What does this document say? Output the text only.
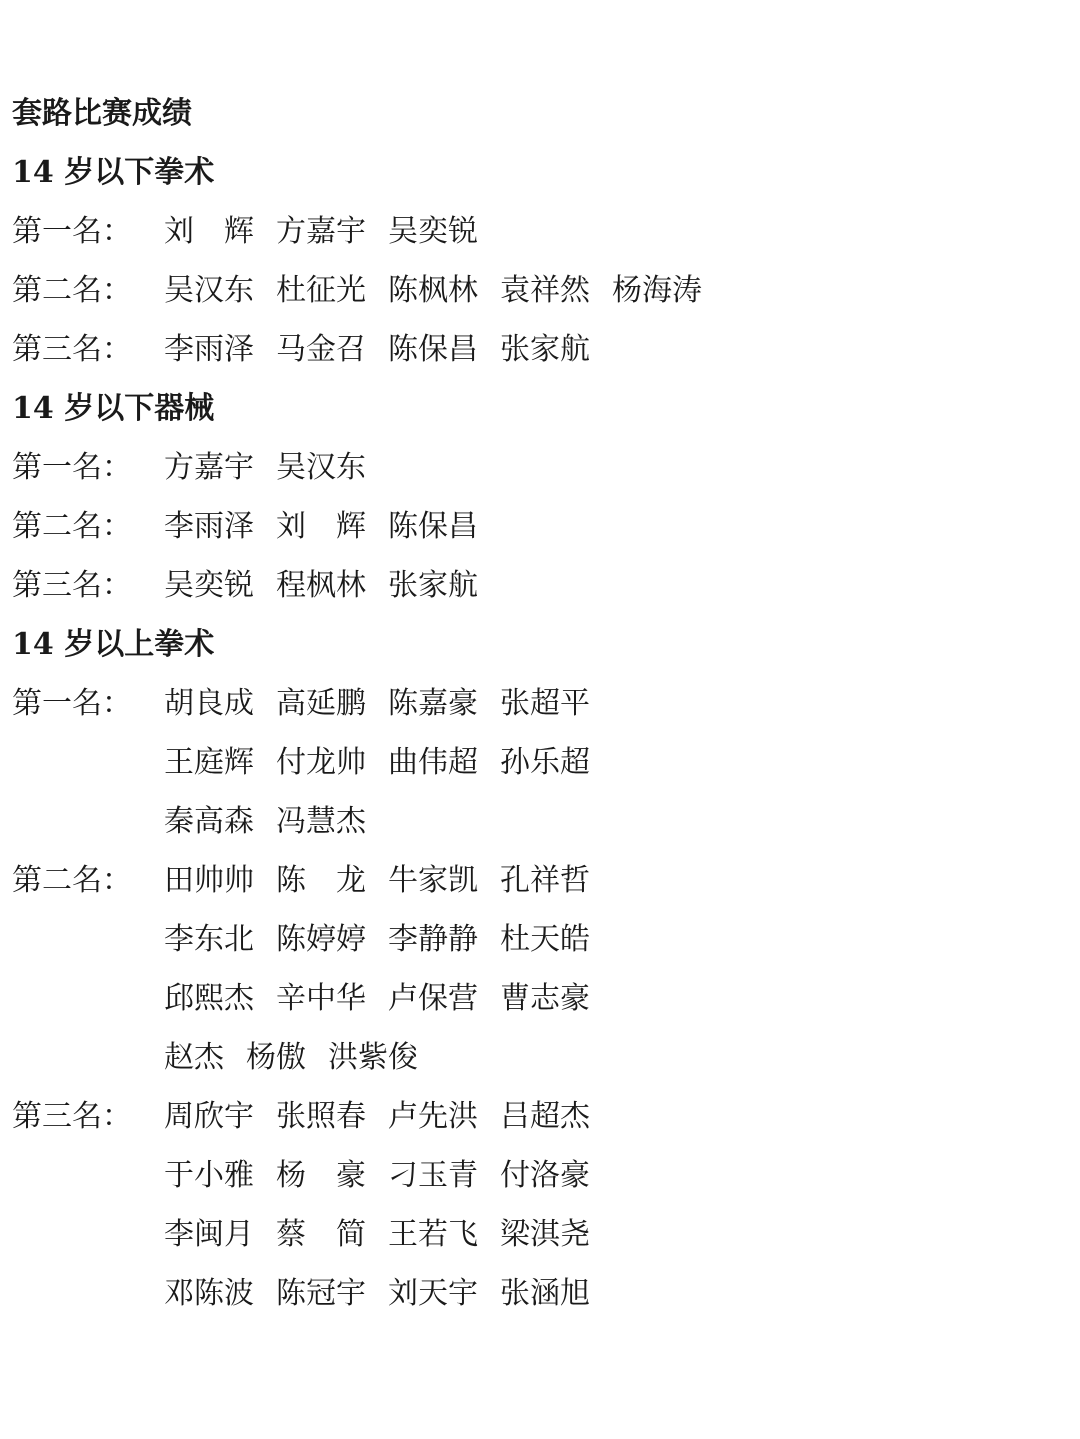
套路比赛成绩
14 岁以下拳术
第一名：	刘　辉 方嘉宇 吴奕锐
第二名：	吴汉东 杜征光 陈枫林 袁祥然 杨海涛
第三名：	李雨泽 马金召 陈保昌 张家航
14 岁以下器械
第一名：	方嘉宇 吴汉东
第二名：	李雨泽 刘　辉 陈保昌
第三名：	吴奕锐 程枫林 张家航
14 岁以上拳术
第一名：	胡良成 高延鹏 陈嘉豪 张超平
王庭辉 付龙帅 曲伟超 孙乐超
秦高森 冯慧杰
第二名：	田帅帅 陈　龙 牛家凯 孔祥哲
李东北 陈婷婷 李静静 杜天皓
邱熙杰 辛中华 卢保营 曹志豪
赵杰 杨傲 洪紫俊
第三名：	周欣宇 张照春 卢先洪 吕超杰
于小雅 杨　豪 刁玉青 付洛豪
李闽月 蔡　简 王若飞 梁淇尧
邓陈波 陈冠宇 刘天宇 张涵旭
